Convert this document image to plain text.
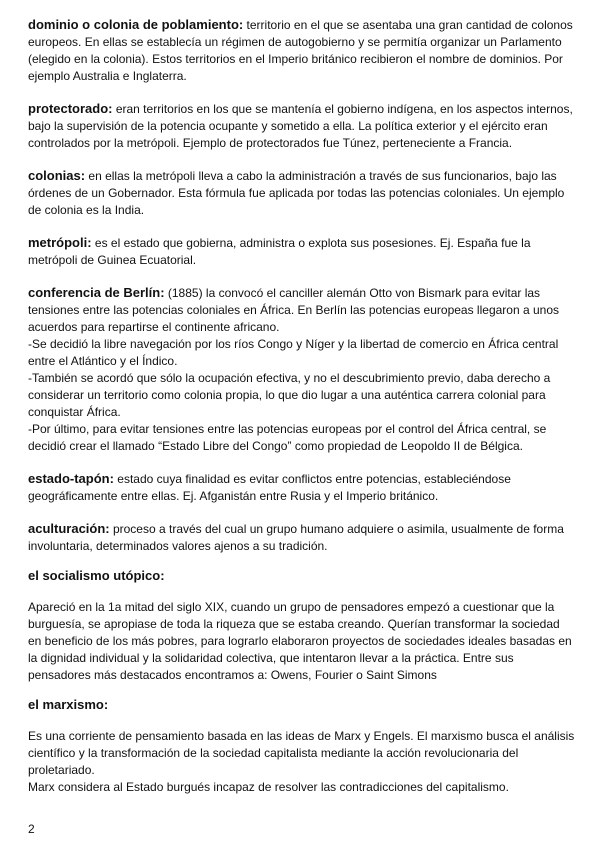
dominio o colonia de poblamiento: territorio en el que se asentaba una gran cantidad de colonos europeos. En ellas se establecía un régimen de autogobierno y se permitía organizar un Parlamento (elegido en la colonia). Estos territorios en el Imperio británico recibieron el nombre de dominios. Por ejemplo Australia e Inglaterra.

protectorado: eran territorios en los que se mantenía el gobierno indígena, en los aspectos internos, bajo la supervisión de la potencia ocupante y sometido a ella. La política exterior y el ejército eran controlados por la metrópoli. Ejemplo de protectorados fue Túnez, perteneciente a Francia.

colonias: en ellas la metrópoli lleva a cabo la administración a través de sus funcionarios, bajo las órdenes de un Gobernador. Esta fórmula fue aplicada por todas las potencias coloniales. Un ejemplo de colonia es la India.

metrópoli: es el estado que gobierna, administra o explota sus posesiones. Ej. España fue la metrópoli de Guinea Ecuatorial.

conferencia de Berlín: (1885) la convocó el canciller alemán Otto von Bismark para evitar las tensiones entre las potencias coloniales en África. En Berlín las potencias europeas llegaron a unos acuerdos para repartirse el continente africano.

-Se decidió la libre navegación por los ríos Congo y Níger y la libertad de comercio en África central entre el Atlántico y el Índico.

-También se acordó que sólo la ocupación efectiva, y no el descubrimiento previo, daba derecho a considerar un territorio como colonia propia, lo que dio lugar a una auténtica carrera colonial para conquistar África.

-Por último, para evitar tensiones entre las potencias europeas por el control del África central, se decidió crear el llamado “Estado Libre del Congo” como propiedad de Leopoldo II de Bélgica.

estado-tapón: estado cuya finalidad es evitar conflictos entre potencias, estableciéndose geográficamente entre ellas. Ej. Afganistán entre Rusia y el Imperio británico.

aculturación: proceso a través del cual un grupo humano adquiere o asimila, usualmente de forma involuntaria, determinados valores ajenos a su tradición.

el socialismo utópico:

Apareció en la 1a mitad del siglo XIX, cuando un grupo de pensadores empezó a cuestionar que la burguesía, se apropiase de toda la riqueza que se estaba creando. Querían transformar la sociedad en beneficio de los más pobres, para lograrlo elaboraron proyectos de sociedades ideales basadas en la dignidad individual y la solidaridad colectiva, que intentaron llevar a la práctica. Entre sus pensadores más destacados encontramos a: Owens, Fourier o Saint Simons

el marxismo:

Es una corriente de pensamiento basada en las ideas de Marx y Engels. El marxismo busca el análisis científico y la transformación de la sociedad capitalista mediante la acción revolucionaria del proletariado.

Marx considera al Estado burgués incapaz de resolver las contradicciones del capitalismo.

2
